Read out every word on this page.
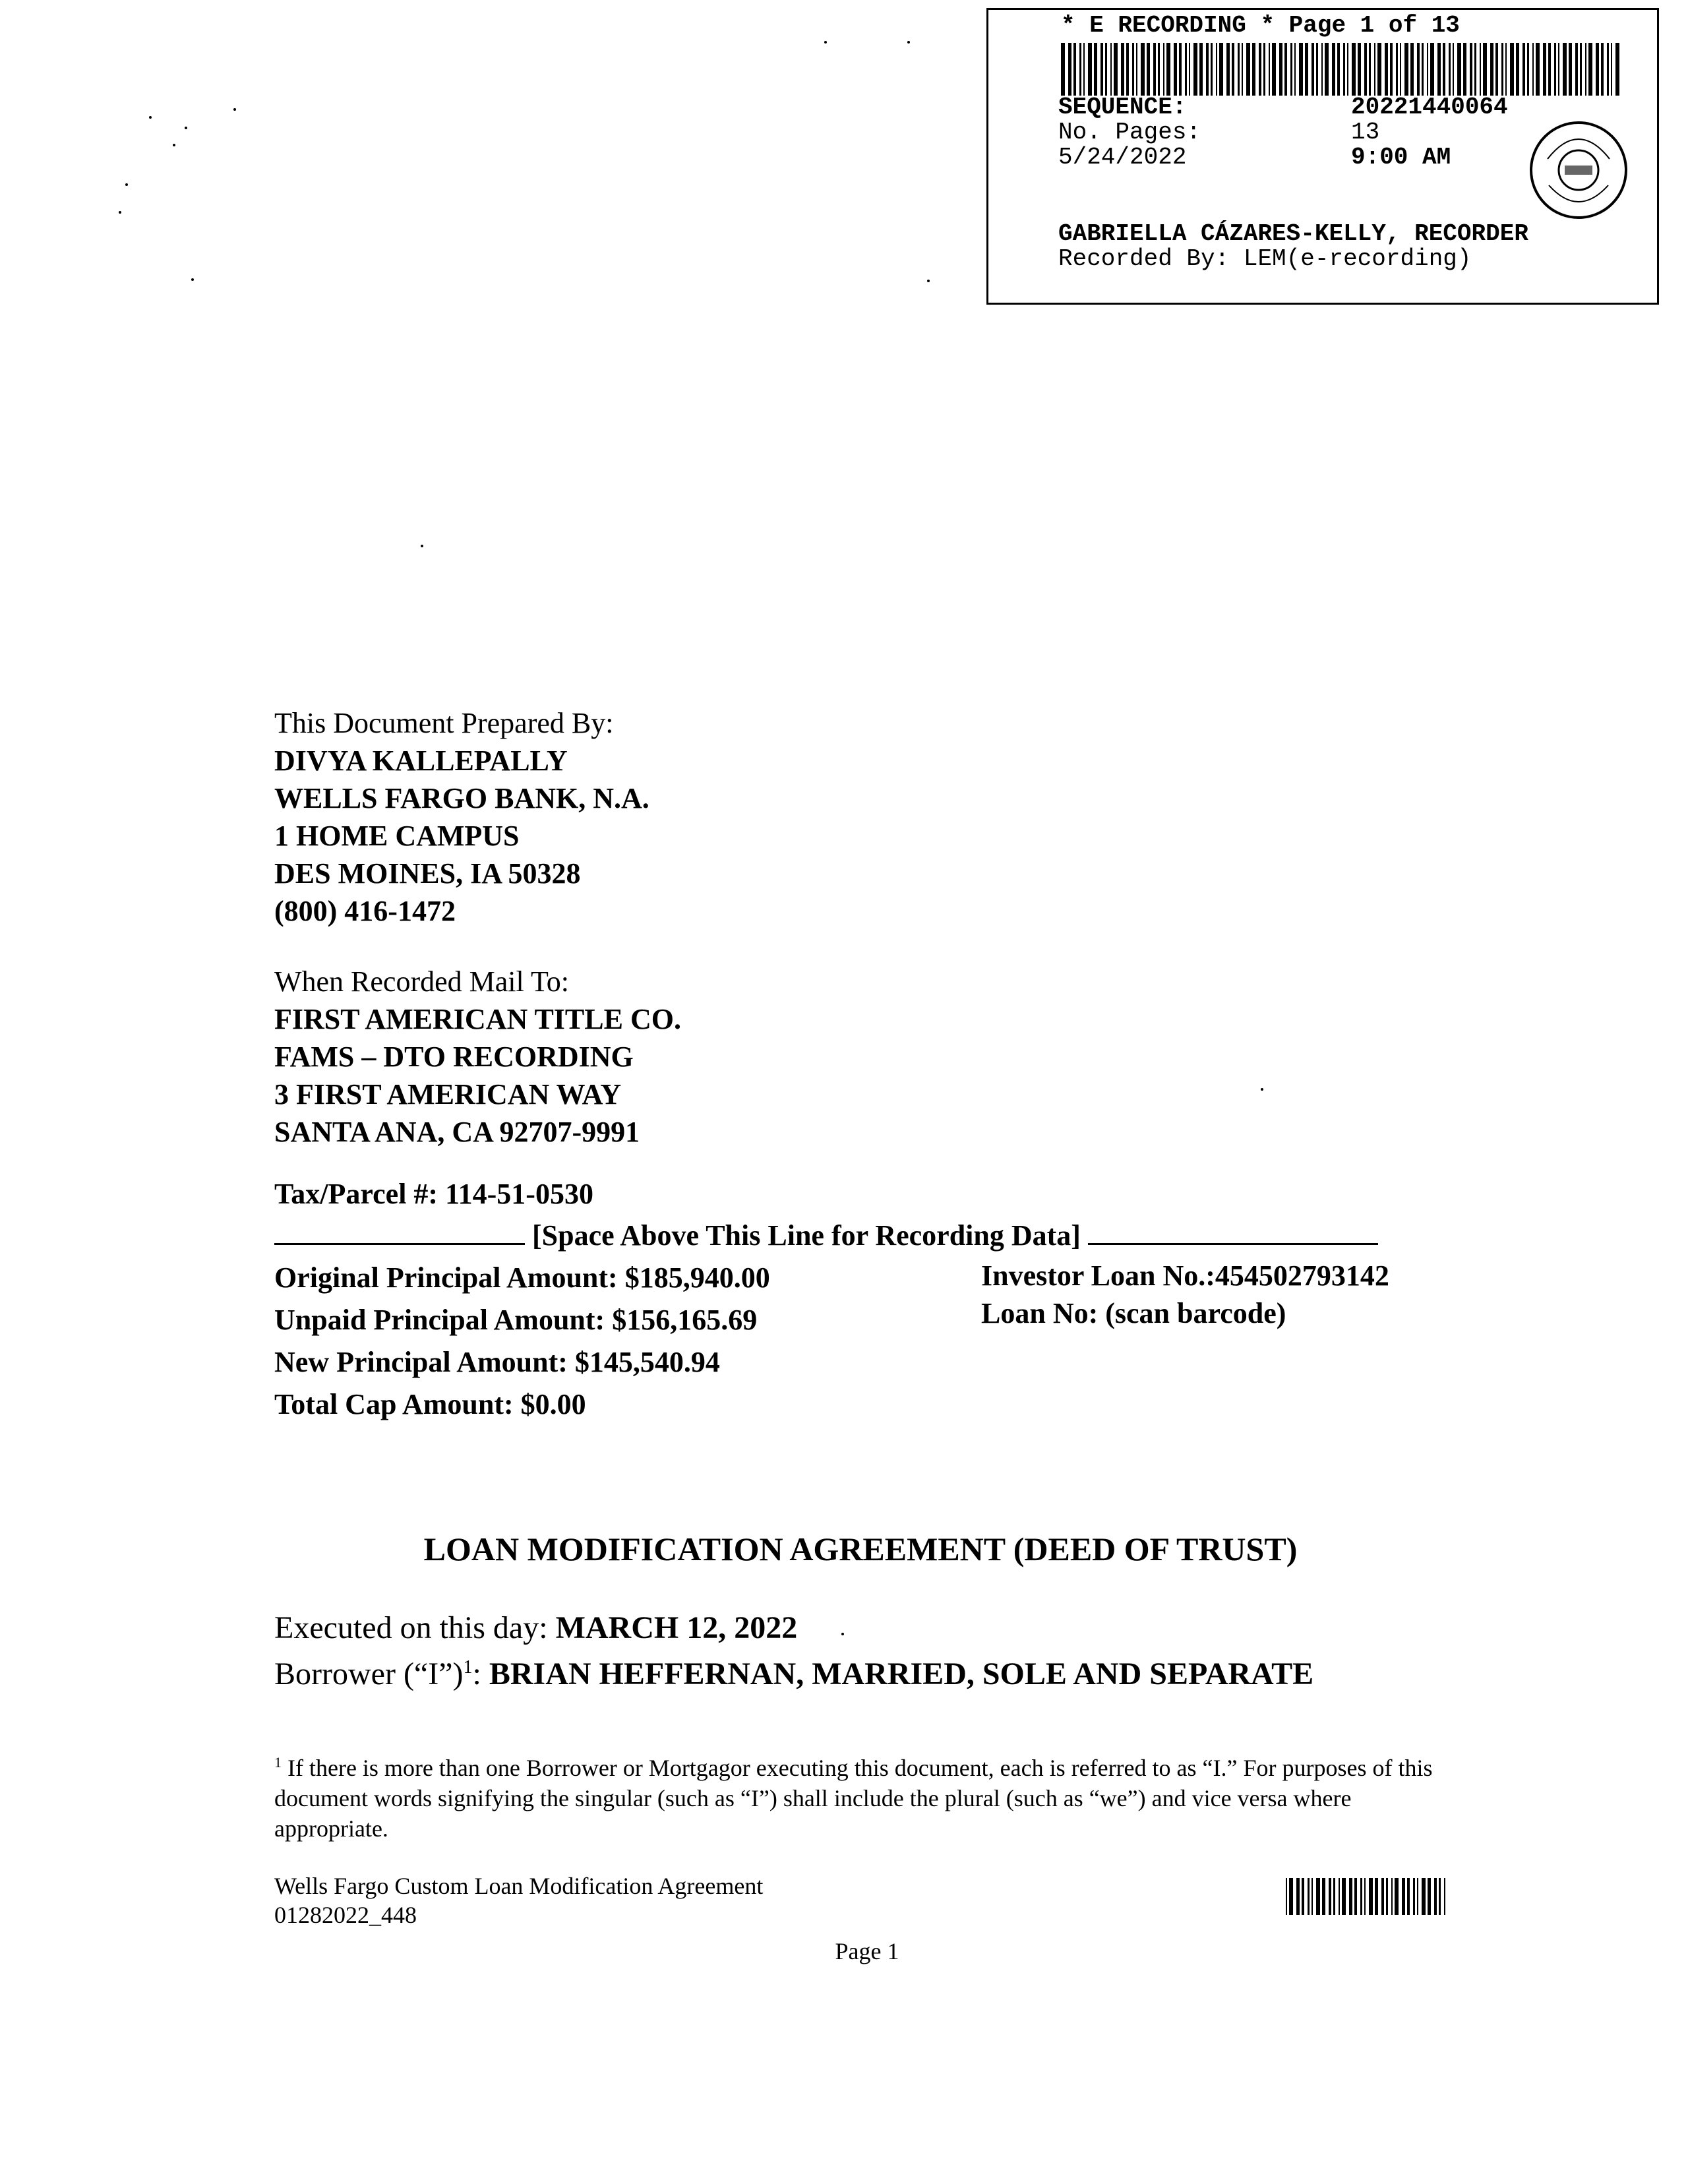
* E RECORDING * Page 1 of 13
SEQUENCE:	20221440064
No. Pages:	13
5/24/2022	9:00 AM
GABRIELLA CÁZARES-KELLY, RECORDER
Recorded By: LEM(e-recording)
This Document Prepared By:
DIVYA KALLEPALLY
WELLS FARGO BANK, N.A.
1 HOME CAMPUS
DES MOINES, IA 50328
(800) 416-1472
When Recorded Mail To:
FIRST AMERICAN TITLE CO.
FAMS – DTO RECORDING
3 FIRST AMERICAN WAY
SANTA ANA, CA 92707-9991
Tax/Parcel #: 114-51-0530
[Space Above This Line for Recording Data]
Original Principal Amount: $185,940.00
Unpaid Principal Amount: $156,165.69
New Principal Amount: $145,540.94
Total Cap Amount: $0.00
Investor Loan No.:454502793142
Loan No: (scan barcode)
LOAN MODIFICATION AGREEMENT (DEED OF TRUST)
Executed on this day: MARCH 12, 2022
Borrower (“I”)$^1$: BRIAN HEFFERNAN, MARRIED, SOLE AND SEPARATE
$^1$ If there is more than one Borrower or Mortgagor executing this document, each is referred to as “I.” For purposes of this document words signifying the singular (such as “I”) shall include the plural (such as “we”) and vice versa where appropriate.
Wells Fargo Custom Loan Modification Agreement
01282022_448
Page 1
